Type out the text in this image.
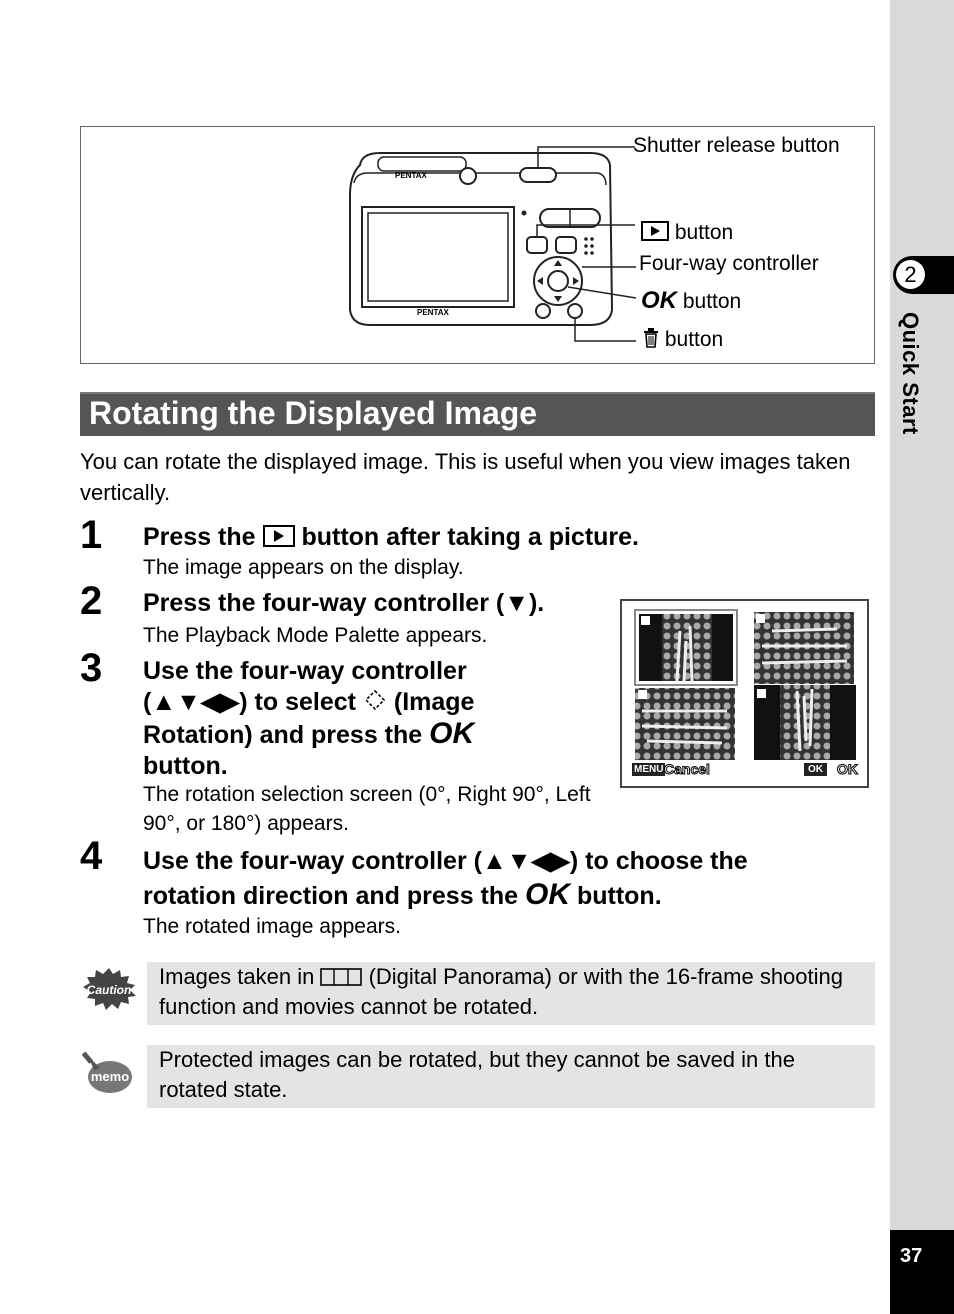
2
Quick Start
37
PENTAX
PENTAX
Shutter release button
button
Four-way controller
OK button
button
Rotating the Displayed Image
You can rotate the displayed image. This is useful when you view images taken vertically.
1 Press the button after taking a picture.
The image appears on the display.
2 Press the four-way controller (▼).
The Playback Mode Palette appears.
3 Use the four-way controller
(▲▼◀▶) to select (Image
Rotation) and press the OK
button.
The rotation selection screen (0°, Right 90°, Left 90°, or 180°) appears.
MENU Cancel	OK OK
4 Use the four-way controller (▲▼◀▶) to choose the
rotation direction and press the OK button.
The rotated image appears.
Caution
Images taken in (Digital Panorama) or with the 16-frame shooting function and movies cannot be rotated.
memo
Protected images can be rotated, but they cannot be saved in the rotated state.
